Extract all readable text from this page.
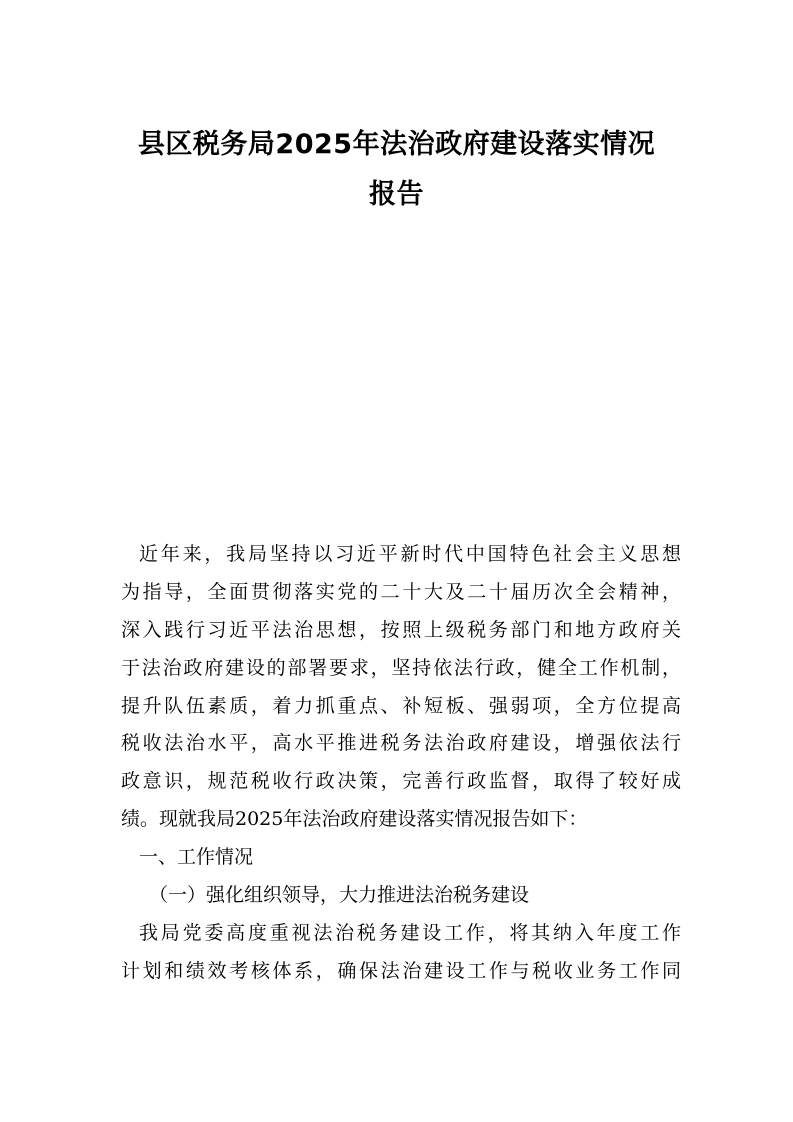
县区税务局2025年法治政府建设落实情况
报告
近年来，我局坚持以习近平新时代中国特色社会主义思想
为指导，全面贯彻落实党的二十大及二十届历次全会精神，
深入践行习近平法治思想，按照上级税务部门和地方政府关
于法治政府建设的部署要求，坚持依法行政，健全工作机制，
提升队伍素质，着力抓重点、补短板、强弱项，全方位提高
税收法治水平，高水平推进税务法治政府建设，增强依法行
政意识，规范税收行政决策，完善行政监督，取得了较好成
绩。现就我局2025年法治政府建设落实情况报告如下：
一、工作情况
（一）强化组织领导，大力推进法治税务建设
我局党委高度重视法治税务建设工作，将其纳入年度工作
计划和绩效考核体系，确保法治建设工作与税收业务工作同
